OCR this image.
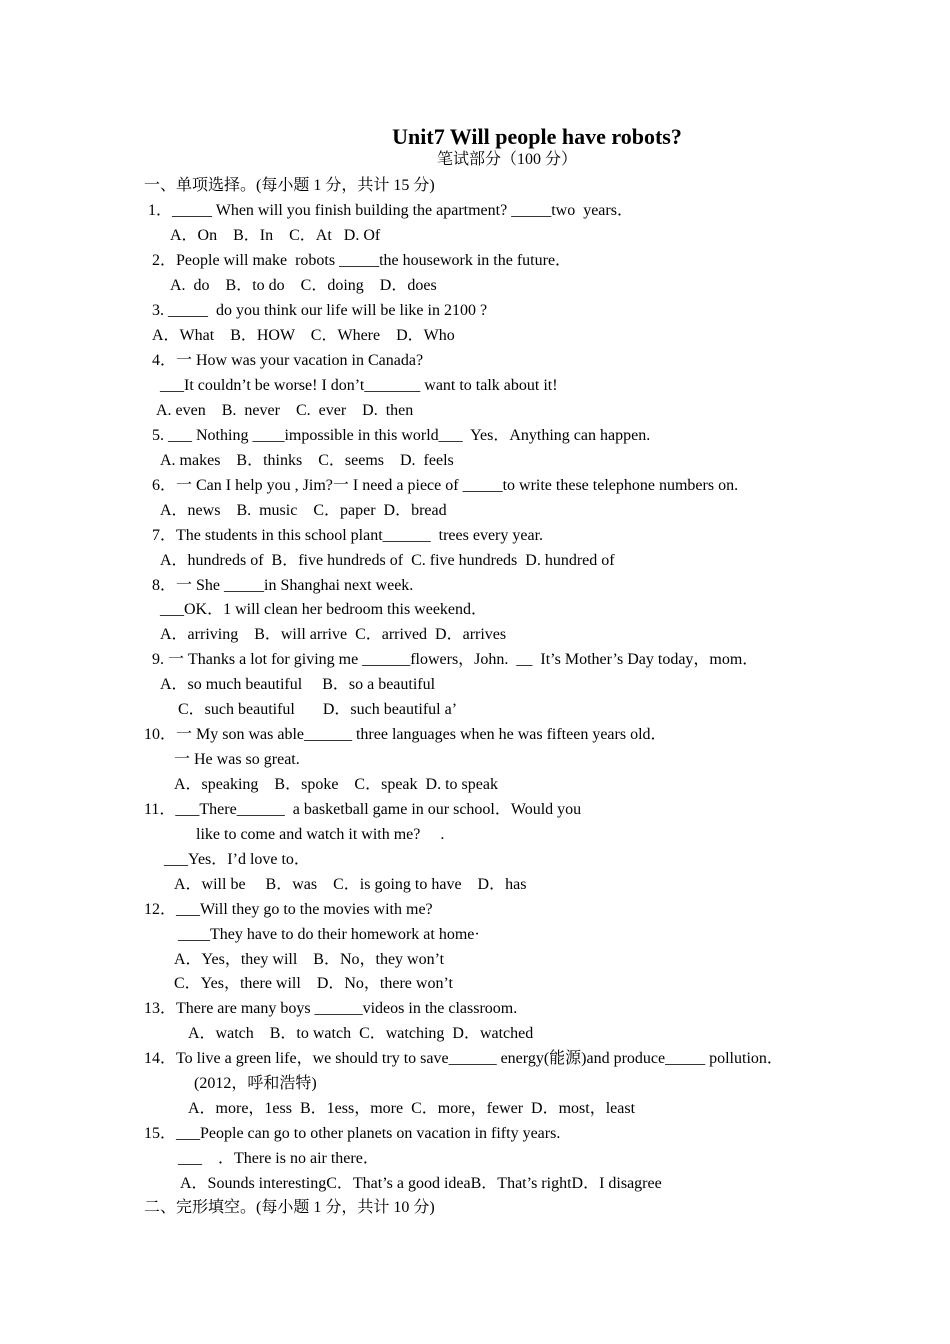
Unit7 Will people have robots?
笔试部分（100 分）
一、单项选择。(每小题 1 分，共计 15 分)
1．_____ When will you finish building the apartment? _____two  years．
A．On    B．In    C．At   D. Of
2．People will make  robots _____the housework in the future．
A.  do    B．to do    C．doing    D．does
3. _____  do you think our life will be like in 2100 ?
A．What    B．HOW    C．Where    D．Who
4．一 How was your vacation in Canada?
___It couldn’t be worse! I don’t_______ want to talk about it!
A. even    B.  never    C.  ever    D.  then
5. ___ Nothing ____impossible in this world___  Yes．Anything can happen.
A. makes    B．thinks    C．seems    D.  feels
6．一 Can I help you , Jim?一 I need a piece of _____to write these telephone numbers on.
A．news    B.  music    C．paper  D．bread
7．The students in this school plant______  trees every year.
A．hundreds of  B．five hundreds of  C. five hundreds  D. hundred of
8．一 She _____in Shanghai next week.
___OK．1 will clean her bedroom this weekend．
A．arriving    B．will arrive  C．arrived  D．arrives
9. 一 Thanks a lot for giving me ______flowers，John.  __  It’s Mother’s Day today，mom．
A．so much beautiful     B．so a beautiful
C．such beautiful       D．such beautiful a’
10．一 My son was able______ three languages when he was fifteen years old．
一 He was so great.
A．speaking    B．spoke    C．speak  D. to speak
11．___There______  a basketball game in our school．Would you
like to come and watch it with me?     .
___Yes．I’d love to．
A．will be     B．was    C．is going to have    D．has
12．___Will they go to the movies with me?
____They have to do their homework at home·
A．Yes，they will    B．No，they won’t
C．Yes，there will    D．No，there won’t
13．There are many boys ______videos in the classroom.
A．watch    B．to watch  C．watching  D．watched
14．To live a green life，we should try to save______ energy(能源)and produce_____ pollution．
(2012，呼和浩特)
A．more，1ess  B．1ess，more  C．more，fewer  D．most，least
15．___People can go to other planets on vacation in fifty years.
___    ．There is no air there．
A．Sounds interestingC．That’s a good ideaB．That’s rightD．I disagree
二、完形填空。(每小题 1 分，共计 10 分)
